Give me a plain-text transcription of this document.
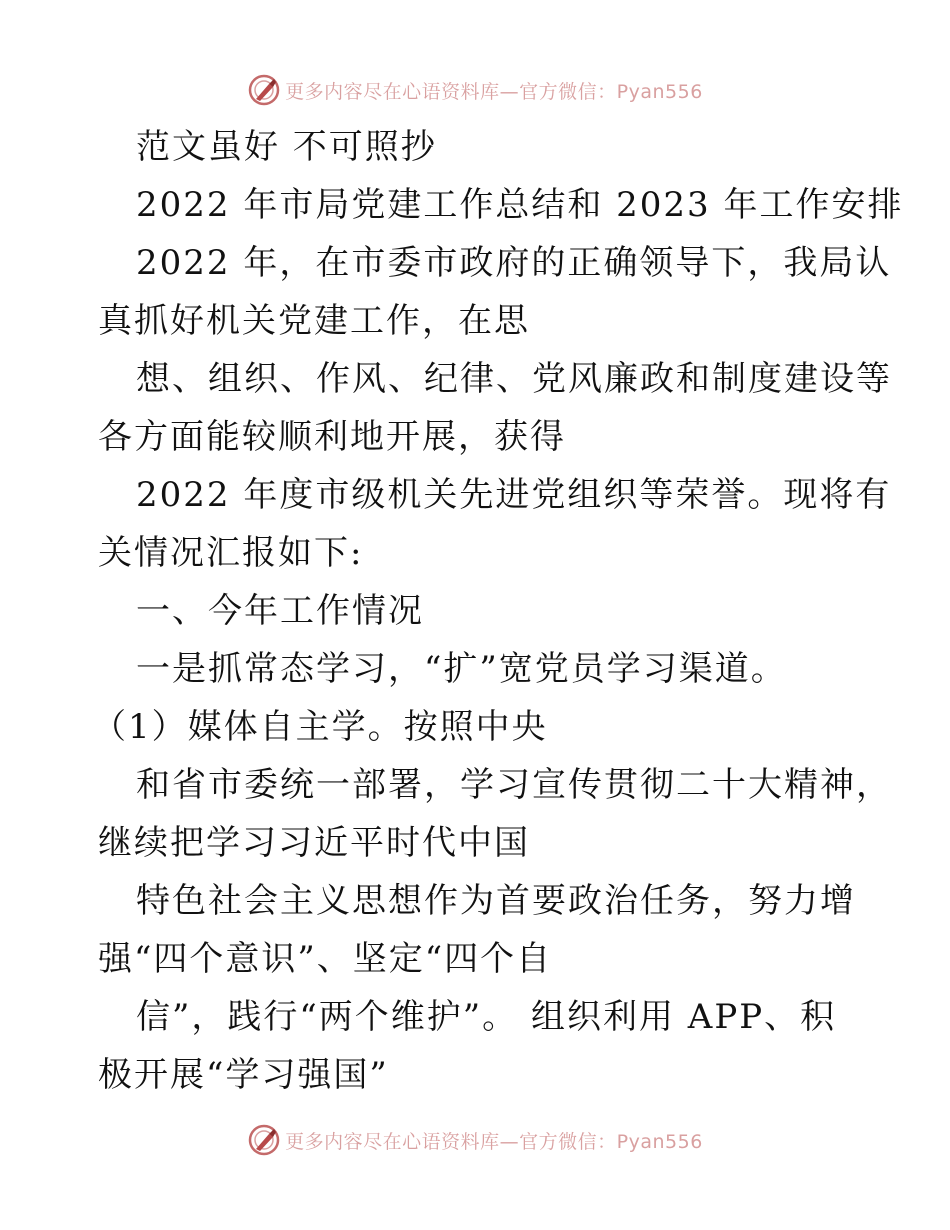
更多内容尽在心语资料库—官方微信：Pyan556
范文虽好 不可照抄
2022 年市局党建工作总结和 2023 年工作安排
2022 年，在市委市政府的正确领导下，我局认
真抓好机关党建工作，在思
想、组织、作风、纪律、党风廉政和制度建设等
各方面能较顺利地开展，获得
2022 年度市级机关先进党组织等荣誉。现将有
关情况汇报如下:
一、今年工作情况
一是抓常态学习，“扩”宽党员学习渠道。
（1）媒体自主学。按照中央
和省市委统一部署，学习宣传贯彻二十大精神，
继续把学习习近平时代中国
特色社会主义思想作为首要政治任务，努力增
强“四个意识”、坚定“四个自
信”，践行“两个维护”。 组织利用 APP、积
极开展“学习强国”
更多内容尽在心语资料库—官方微信：Pyan556
